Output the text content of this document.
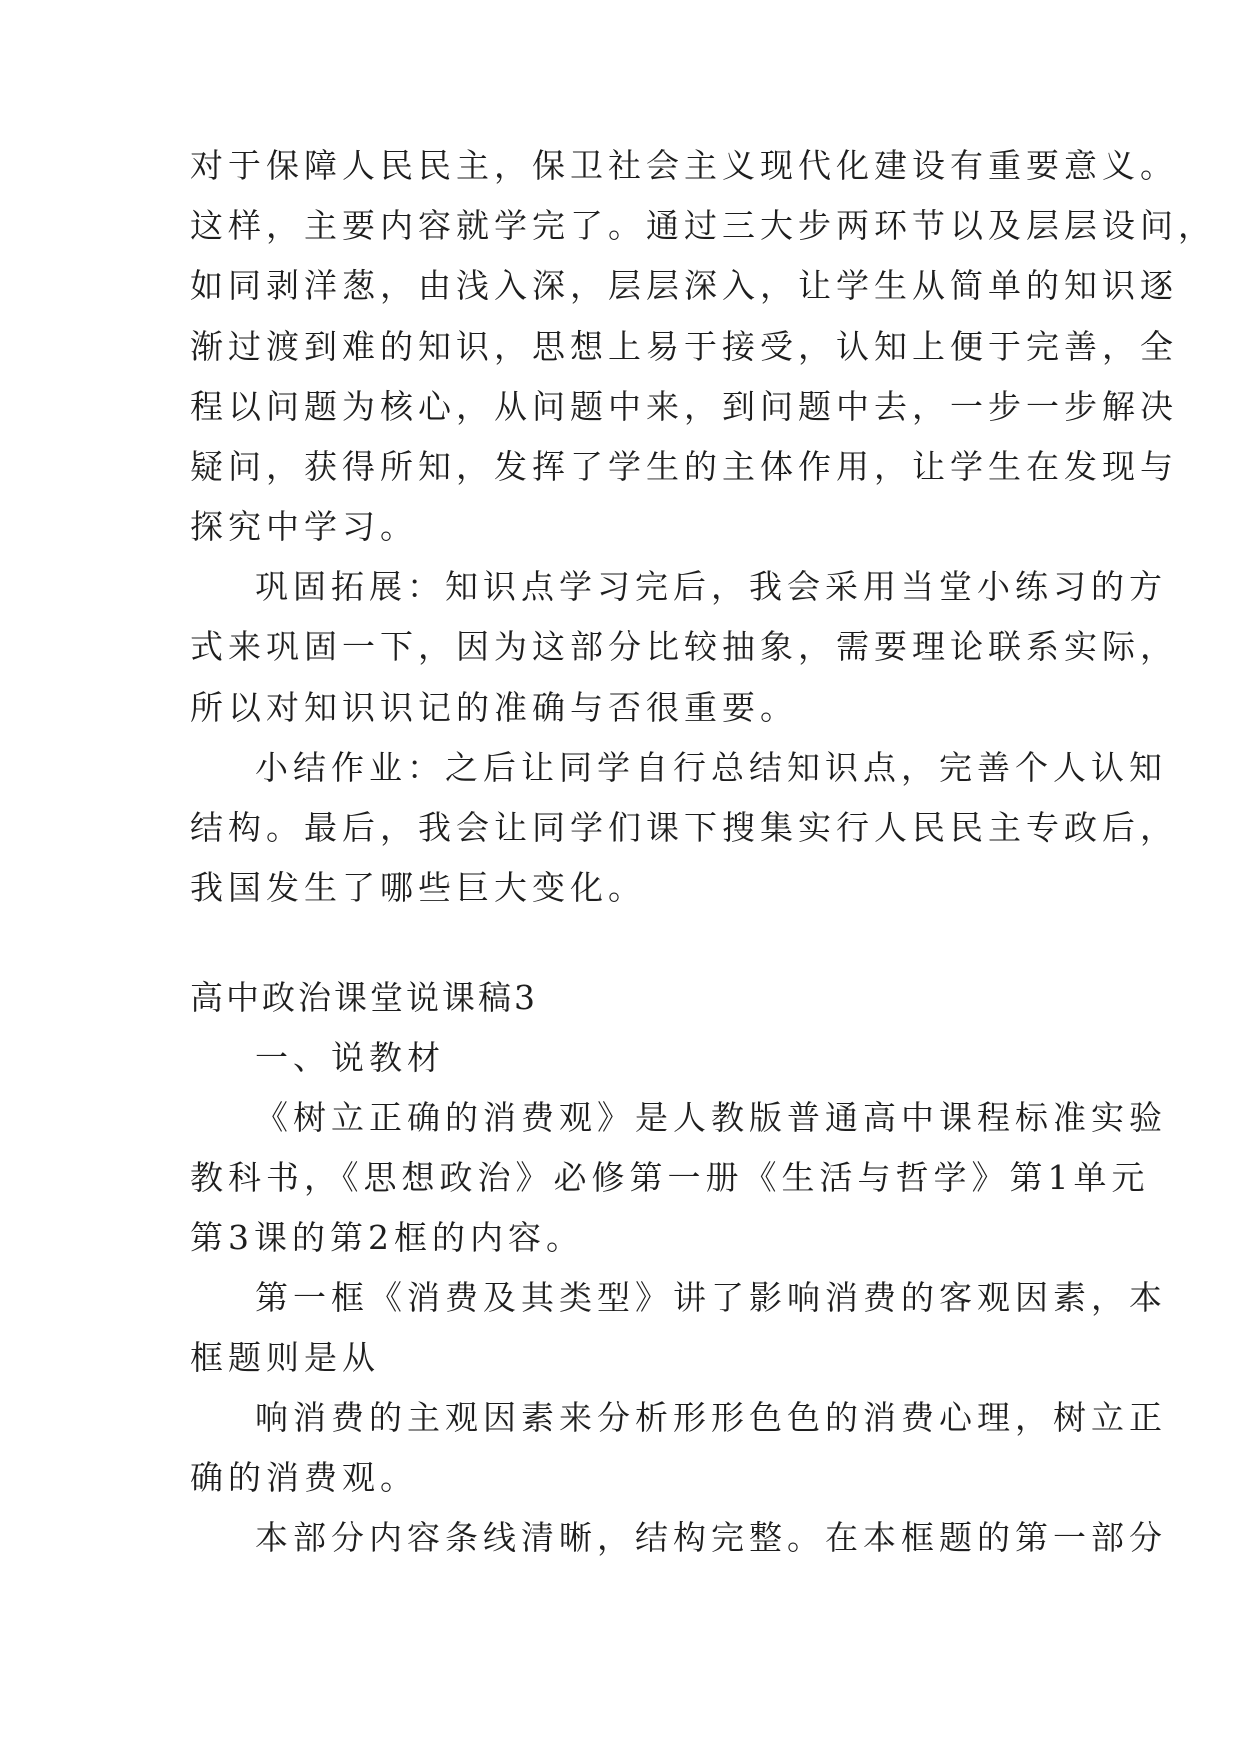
对于保障人民民主，保卫社会主义现代化建设有重要意义。
这样，主要内容就学完了。通过三大步两环节以及层层设问，
如同剥洋葱，由浅入深，层层深入，让学生从简单的知识逐
渐过渡到难的知识，思想上易于接受，认知上便于完善，全
程以问题为核心，从问题中来，到问题中去，一步一步解决
疑问，获得所知，发挥了学生的主体作用，让学生在发现与
探究中学习。
巩固拓展：知识点学习完后，我会采用当堂小练习的方
式来巩固一下，因为这部分比较抽象，需要理论联系实际，
所以对知识识记的准确与否很重要。
小结作业：之后让同学自行总结知识点，完善个人认知
结构。最后，我会让同学们课下搜集实行人民民主专政后，
我国发生了哪些巨大变化。
高中政治课堂说课稿3
一、说教材
《树立正确的消费观》是人教版普通高中课程标准实验
教科书，《思想政治》必修第一册《生活与哲学》第1单元
第3课的第2框的内容。
第一框《消费及其类型》讲了影响消费的客观因素，本
框题则是从
响消费的主观因素来分析形形色色的消费心理，树立正
确的消费观。
本部分内容条线清晰，结构完整。在本框题的第一部分
